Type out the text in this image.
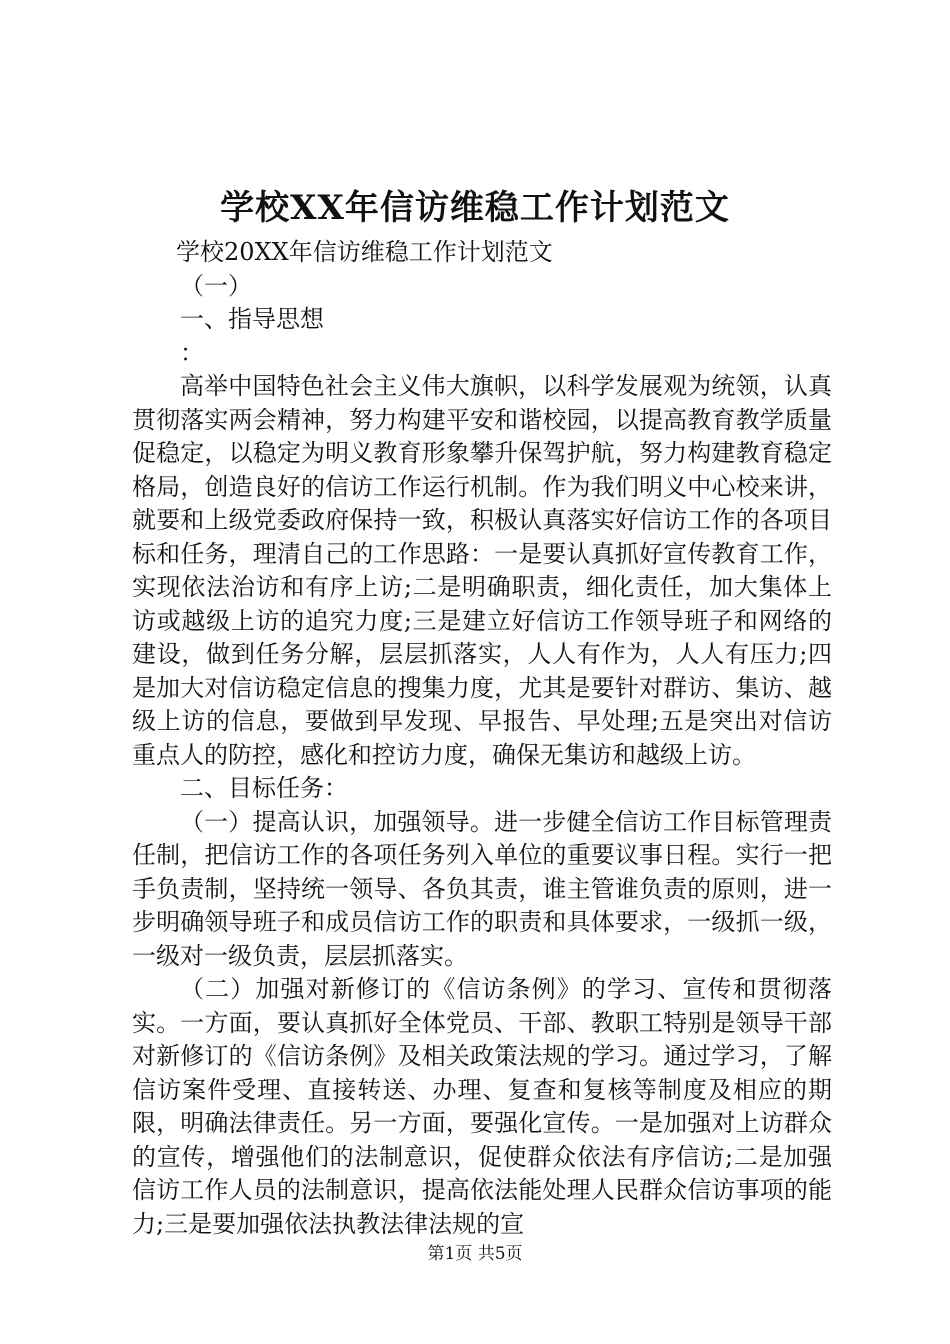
学校XX年信访维稳工作计划范文

学校20XX年信访维稳工作计划范文

（一）

一、指导思想

：

高举中国特色社会主义伟大旗帜，以科学发展观为统领，认真贯彻落实两会精神，努力构建平安和谐校园，以提高教育教学质量促稳定，以稳定为明义教育形象攀升保驾护航，努力构建教育稳定格局，创造良好的信访工作运行机制。作为我们明义中心校来讲，就要和上级党委政府保持一致，积极认真落实好信访工作的各项目标和任务，理清自己的工作思路：一是要认真抓好宣传教育工作，实现依法治访和有序上访;二是明确职责，细化责任，加大集体上访或越级上访的追究力度;三是建立好信访工作领导班子和网络的建设，做到任务分解，层层抓落实，人人有作为，人人有压力;四是加大对信访稳定信息的搜集力度，尤其是要针对群访、集访、越级上访的信息，要做到早发现、早报告、早处理;五是突出对信访重点人的防控，感化和控访力度，确保无集访和越级上访。

二、目标任务：

（一）提高认识，加强领导。进一步健全信访工作目标管理责任制，把信访工作的各项任务列入单位的重要议事日程。实行一把手负责制，坚持统一领导、各负其责，谁主管谁负责的原则，进一步明确领导班子和成员信访工作的职责和具体要求，一级抓一级，一级对一级负责，层层抓落实。

（二）加强对新修订的《信访条例》的学习、宣传和贯彻落实。一方面，要认真抓好全体党员、干部、教职工特别是领导干部对新修订的《信访条例》及相关政策法规的学习。通过学习，了解信访案件受理、直接转送、办理、复查和复核等制度及相应的期限，明确法律责任。另一方面，要强化宣传。一是加强对上访群众的宣传，增强他们的法制意识，促使群众依法有序信访;二是加强信访工作人员的法制意识，提高依法能处理人民群众信访事项的能力;三是要加强依法执教法律法规的宣

第1页 共5页
